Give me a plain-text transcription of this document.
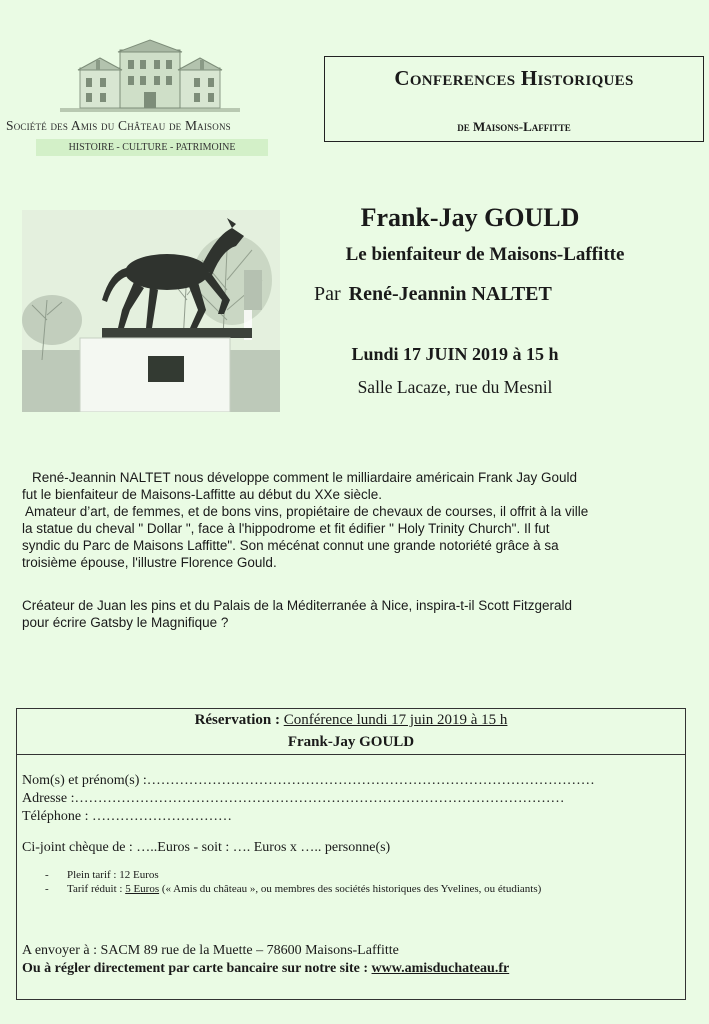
Société des Amis du Château de Maisons
HISTOIRE - CULTURE - PATRIMOINE
Conferences Historiques
de Maisons-Laffitte
Frank-Jay GOULD
Le bienfaiteur de Maisons-Laffitte
Par René-Jeannin NALTET
Lundi 17 JUIN 2019 à 15 h
Salle Lacaze, rue du Mesnil
René-Jeannin NALTET nous développe comment le milliardaire américain Frank Jay Gould
fut le bienfaiteur de Maisons-Laffitte au début du XXe siècle.
Amateur d’art, de femmes, et de bons vins, propiétaire de chevaux de courses, il offrit à la ville
la statue du cheval " Dollar ", face à l'hippodrome et fit édifier " Holy Trinity Church". Il fut
syndic du Parc de Maisons Laffitte". Son mécénat connut une grande notoriété grâce à sa
troisième épouse, l'illustre Florence Gould.
Créateur de Juan les pins et du Palais de la Méditerranée à Nice, inspira-t-il Scott Fitzgerald
pour écrire Gatsby le Magnifique ?
Réservation : Conférence lundi 17 juin 2019 à 15 h
Frank-Jay GOULD
Nom(s) et prénom(s) :……………………………………………………………………………………
Adresse :……………………………………………………………………………………………
Téléphone : …………………………
Ci-joint chèque de : …..Euros - soit : …. Euros x ….. personne(s)
- Plein tarif : 12 Euros
- Tarif réduit : 5 Euros (« Amis du château », ou membres des sociétés historiques des Yvelines, ou étudiants)
A envoyer à : SACM 89 rue de la Muette – 78600 Maisons-Laffitte
Ou à régler directement par carte bancaire sur notre site : www.amisduchateau.fr
